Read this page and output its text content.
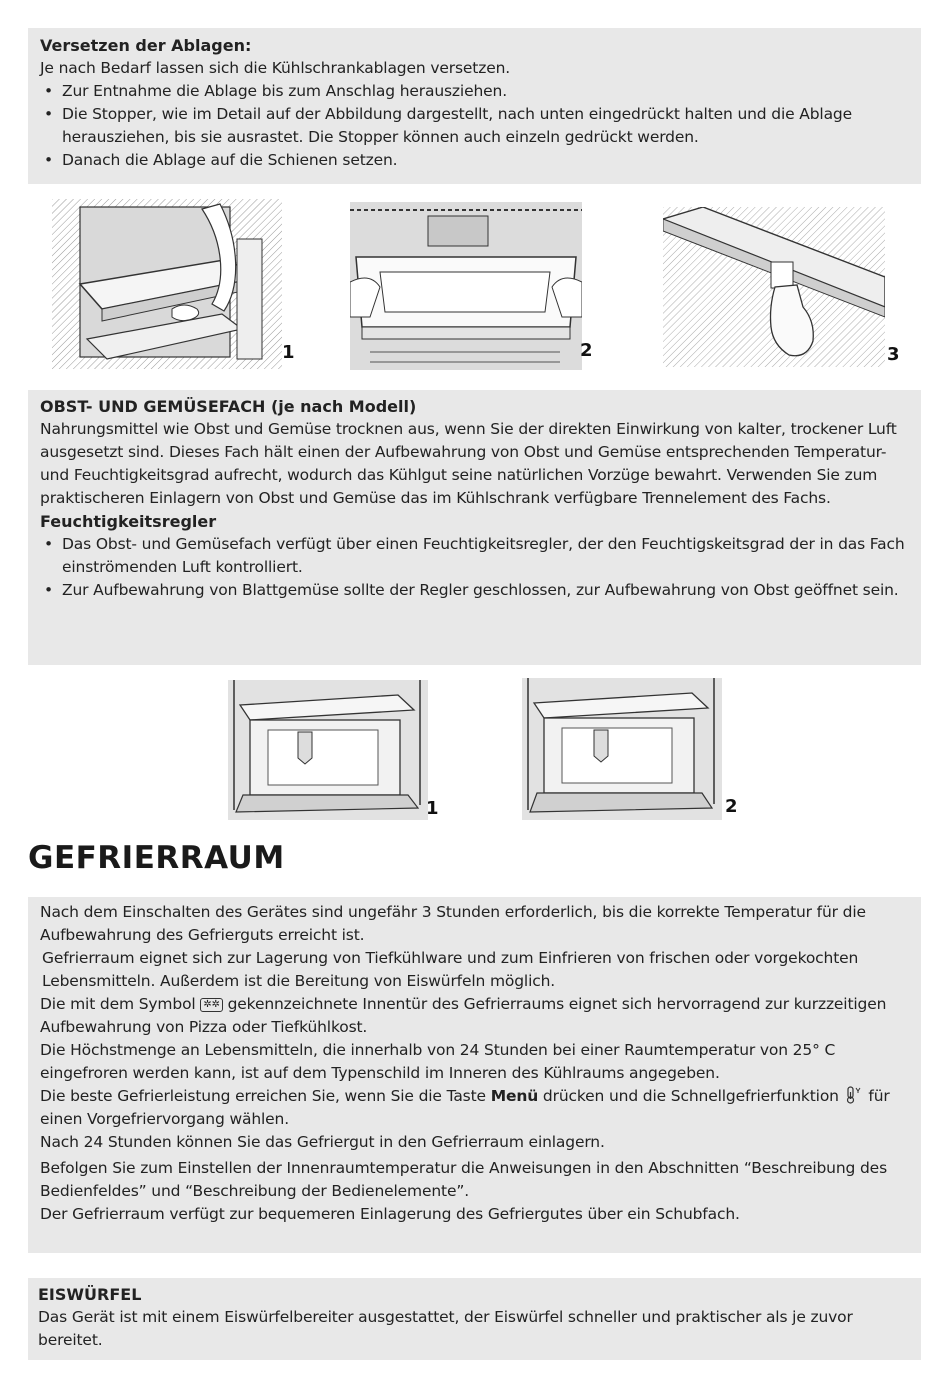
Versetzen der Ablagen:

Je nach Bedarf lassen sich die Kühlschrankablagen versetzen.

• Zur Entnahme die Ablage bis zum Anschlag herausziehen.
• Die Stopper, wie im Detail auf der Abbildung dargestellt, nach unten eingedrückt halten und die Ablage herausziehen, bis sie ausrastet. Die Stopper können auch einzeln gedrückt werden.
• Danach die Ablage auf die Schienen setzen.
1	2	3
OBST- UND GEMÜSEFACH (je nach Modell)

Nahrungsmittel wie Obst und Gemüse trocknen aus, wenn Sie der direkten Einwirkung von kalter, trockener Luft ausgesetzt sind. Dieses Fach hält einen der Aufbewahrung von Obst und Gemüse entsprechenden Temperatur- und Feuchtigkeitsgrad aufrecht, wodurch das Kühlgut seine natürlichen Vorzüge bewahrt. Verwenden Sie zum praktischeren Einlagern von Obst und Gemüse das im Kühlschrank verfügbare Trennelement des Fachs.

Feuchtigkeitsregler
• Das Obst- und Gemüsefach verfügt über einen Feuchtigkeitsregler, der den Feuchtigskeitsgrad der in das Fach einströmenden Luft kontrolliert.
• Zur Aufbewahrung von Blattgemüse sollte der Regler geschlossen, zur Aufbewahrung von Obst geöffnet sein.
1	2
GEFRIERRAUM

Nach dem Einschalten des Gerätes sind ungefähr 3 Stunden erforderlich, bis die korrekte Temperatur für die Aufbewahrung des Gefrierguts erreicht ist.

Gefrierraum eignet sich zur Lagerung von Tiefkühlware und zum Einfrieren von frischen oder vorgekochten Lebensmitteln. Außerdem ist die Bereitung von Eiswürfeln möglich.

Die mit dem Symbol ✲✲ gekennzeichnete Innentür des Gefrierraums eignet sich hervorragend zur kurzzeitigen Aufbewahrung von Pizza oder Tiefkühlkost.

Die Höchstmenge an Lebensmitteln, die innerhalb von 24 Stunden bei einer Raumtemperatur von 25° C eingefroren werden kann, ist auf dem Typenschild im Inneren des Kühlraums angegeben.

Die beste Gefrierleistung erreichen Sie, wenn Sie die Taste Menü drücken und die Schnellgefrierfunktion für einen Vorgefriervorgang wählen.

Nach 24 Stunden können Sie das Gefriergut in den Gefrierraum einlagern.

Befolgen Sie zum Einstellen der Innenraumtemperatur die Anweisungen in den Abschnitten “Beschreibung des Bedienfeldes” und “Beschreibung der Bedienelemente”.

Der Gefrierraum verfügt zur bequemeren Einlagerung des Gefriergutes über ein Schubfach.

EISWÜRFEL

Das Gerät ist mit einem Eiswürfelbereiter ausgestattet, der Eiswürfel schneller und praktischer als je zuvor bereitet.
